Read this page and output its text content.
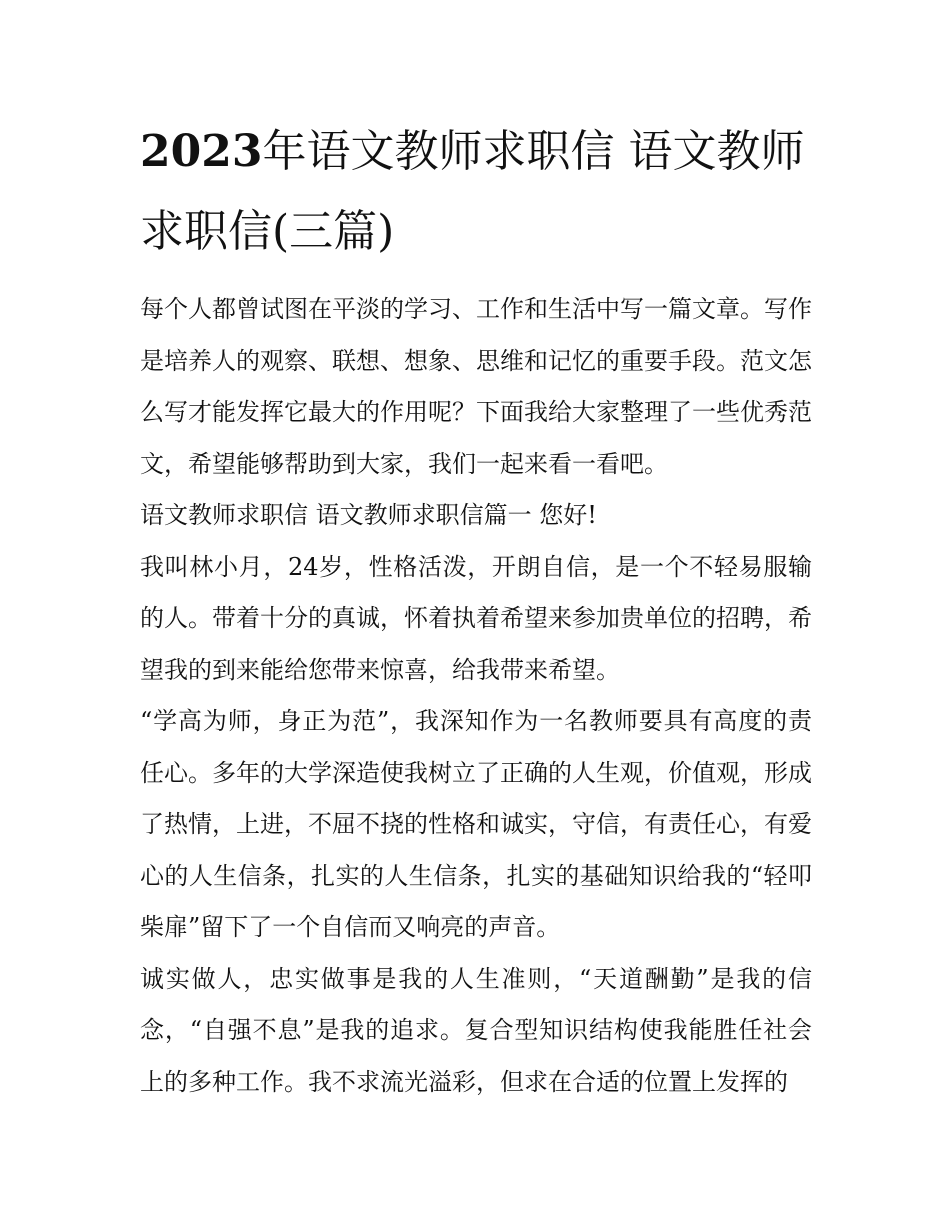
2023年语文教师求职信 语文教师求职信(三篇)

每个人都曾试图在平淡的学习、工作和生活中写一篇文章。写作是培养人的观察、联想、想象、思维和记忆的重要手段。范文怎么写才能发挥它最大的作用呢？下面我给大家整理了一些优秀范文，希望能够帮助到大家，我们一起来看一看吧。

语文教师求职信 语文教师求职信篇一 您好!

我叫林小月，24岁，性格活泼，开朗自信，是一个不轻易服输的人。带着十分的真诚，怀着执着希望来参加贵单位的招聘，希望我的到来能给您带来惊喜，给我带来希望。

“学高为师，身正为范”，我深知作为一名教师要具有高度的责任心。多年的大学深造使我树立了正确的人生观，价值观，形成了热情，上进，不屈不挠的性格和诚实，守信，有责任心，有爱心的人生信条，扎实的人生信条，扎实的基础知识给我的“轻叩柴扉”留下了一个自信而又响亮的声音。

诚实做人，忠实做事是我的人生准则，“天道酬勤”是我的信念，“自强不息”是我的追求。复合型知识结构使我能胜任社会上的多种工作。我不求流光溢彩，但求在合适的位置上发挥的
